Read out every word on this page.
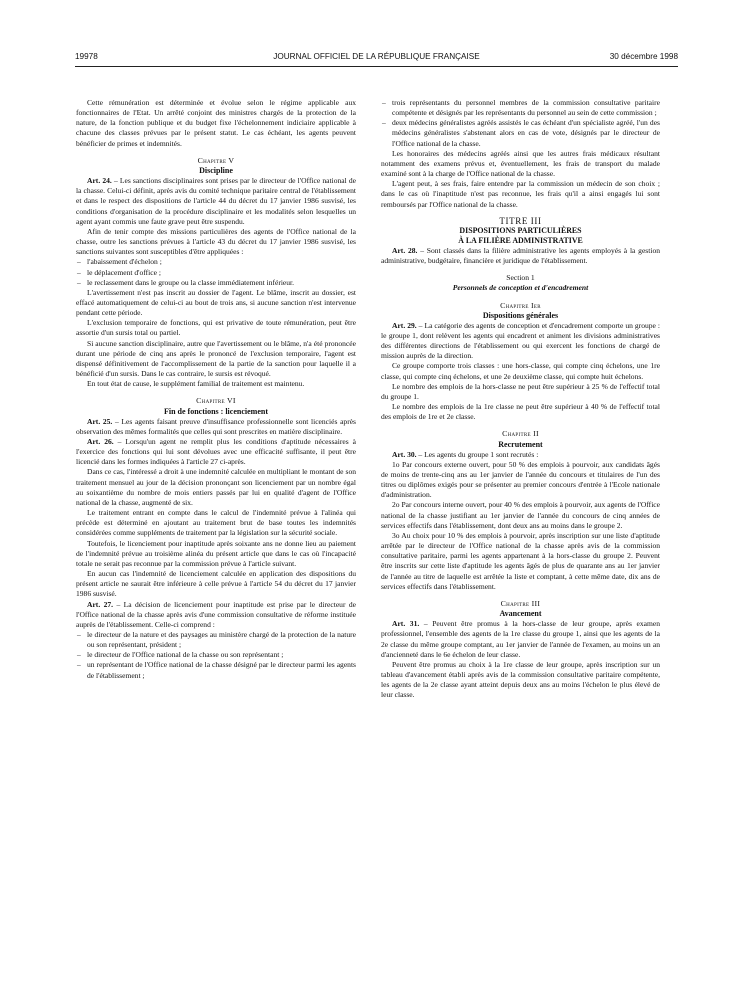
19978	JOURNAL OFFICIEL DE LA RÉPUBLIQUE FRANÇAISE	30 décembre 1998

Cette rémunération est déterminée et évolue selon le régime applicable aux fonctionnaires de l'Etat. Un arrêté conjoint des ministres chargés de la protection de la nature, de la fonction publique et du budget fixe l'échelonnement indiciaire applicable à chacune des classes prévues par le présent statut. Le cas échéant, les agents peuvent bénéficier de primes et indemnités.

Chapitre V

Discipline

Art. 24. – Les sanctions disciplinaires sont prises par le directeur de l'Office national de la chasse. Celui-ci définit, après avis du comité technique paritaire central de l'établissement et dans le respect des dispositions de l'article 44 du décret du 17 janvier 1986 susvisé, les conditions d'organisation de la procédure disciplinaire et les modalités selon lesquelles un agent ayant commis une faute grave peut être suspendu.

Afin de tenir compte des missions particulières des agents de l'Office national de la chasse, outre les sanctions prévues à l'article 43 du décret du 17 janvier 1986 susvisé, les sanctions suivantes sont susceptibles d'être appliquées :

– l'abaissement d'échelon ;
– le déplacement d'office ;
– le reclassement dans le groupe ou la classe immédiatement inférieur.

L'avertissement n'est pas inscrit au dossier de l'agent. Le blâme, inscrit au dossier, est effacé automatiquement de celui-ci au bout de trois ans, si aucune sanction n'est intervenue pendant cette période.

L'exclusion temporaire de fonctions, qui est privative de toute rémunération, peut être assortie d'un sursis total ou partiel.

Si aucune sanction disciplinaire, autre que l'avertissement ou le blâme, n'a été prononcée durant une période de cinq ans après le prononcé de l'exclusion temporaire, l'agent est dispensé définitivement de l'accomplissement de la partie de la sanction pour laquelle il a bénéficié d'un sursis. Dans le cas contraire, le sursis est révoqué.

En tout état de cause, le supplément familial de traitement est maintenu.

Chapitre VI

Fin de fonctions : licenciement

Art. 25. – Les agents faisant preuve d'insuffisance professionnelle sont licenciés après observation des mêmes formalités que celles qui sont prescrites en matière disciplinaire.

Art. 26. – Lorsqu'un agent ne remplit plus les conditions d'aptitude nécessaires à l'exercice des fonctions qui lui sont dévolues avec une efficacité suffisante, il peut être licencié dans les formes indiquées à l'article 27 ci-après.

Dans ce cas, l'intéressé a droit à une indemnité calculée en multipliant le montant de son traitement mensuel au jour de la décision prononçant son licenciement par un nombre égal au soixantième du nombre de mois entiers passés par lui en qualité d'agent de l'Office national de la chasse, augmenté de six.

Le traitement entrant en compte dans le calcul de l'indemnité prévue à l'alinéa qui précède est déterminé en ajoutant au traitement brut de base toutes les indemnités considérées comme suppléments de traitement par la législation sur la sécurité sociale.

Toutefois, le licenciement pour inaptitude après soixante ans ne donne lieu au paiement de l'indemnité prévue au troisième alinéa du présent article que dans le cas où l'incapacité totale ne serait pas reconnue par la commission prévue à l'article suivant.

En aucun cas l'indemnité de licenciement calculée en application des dispositions du présent article ne saurait être inférieure à celle prévue à l'article 54 du décret du 17 janvier 1986 susvisé.

Art. 27. – La décision de licenciement pour inaptitude est prise par le directeur de l'Office national de la chasse après avis d'une commission consultative de réforme instituée auprès de l'établissement. Celle-ci comprend :

– le directeur de la nature et des paysages au ministère chargé de la protection de la nature ou son représentant, président ;
– le directeur de l'Office national de la chasse ou son représentant ;
– un représentant de l'Office national de la chasse désigné par le directeur parmi les agents de l'établissement ;
– trois représentants du personnel membres de la commission consultative paritaire compétente et désignés par les représentants du personnel au sein de cette commission ;
– deux médecins généralistes agréés assistés le cas échéant d'un spécialiste agréé, l'un des médecins généralistes s'abstenant alors en cas de vote, désignés par le directeur de l'Office national de la chasse.

Les honoraires des médecins agréés ainsi que les autres frais médicaux résultant notamment des examens prévus et, éventuellement, les frais de transport du malade examiné sont à la charge de l'Office national de la chasse.

L'agent peut, à ses frais, faire entendre par la commission un médecin de son choix ; dans le cas où l'inaptitude n'est pas reconnue, les frais qu'il a ainsi engagés lui sont remboursés par l'Office national de la chasse.

TITRE III

DISPOSITIONS PARTICULIÈRES

À LA FILIÈRE ADMINISTRATIVE

Art. 28. – Sont classés dans la filière administrative les agents employés à la gestion administrative, budgétaire, financière et juridique de l'établissement.

Section 1

Personnels de conception et d'encadrement

Chapitre Ier

Dispositions générales

Art. 29. – La catégorie des agents de conception et d'encadrement comporte un groupe : le groupe 1, dont relèvent les agents qui encadrent et animent les divisions administratives des différentes directions de l'établissement ou qui exercent les fonctions de chargé de mission auprès de la direction.

Ce groupe comporte trois classes : une hors-classe, qui compte cinq échelons, une 1re classe, qui compte cinq échelons, et une 2e deuxième classe, qui compte huit échelons.

Le nombre des emplois de la hors-classe ne peut être supérieur à 25 % de l'effectif total du groupe 1.

Le nombre des emplois de la 1re classe ne peut être supérieur à 40 % de l'effectif total des emplois de 1re et 2e classe.

Chapitre II

Recrutement

Art. 30. – Les agents du groupe 1 sont recrutés :

1o Par concours externe ouvert, pour 50 % des emplois à pourvoir, aux candidats âgés de moins de trente-cinq ans au 1er janvier de l'année du concours et titulaires de l'un des titres ou diplômes exigés pour se présenter au premier concours d'entrée à l'Ecole nationale d'administration.

2o Par concours interne ouvert, pour 40 % des emplois à pourvoir, aux agents de l'Office national de la chasse justifiant au 1er janvier de l'année du concours de cinq années de services effectifs dans l'établissement, dont deux ans au moins dans le groupe 2.

3o Au choix pour 10 % des emplois à pourvoir, après inscription sur une liste d'aptitude arrêtée par le directeur de l'Office national de la chasse après avis de la commission consultative paritaire, parmi les agents appartenant à la hors-classe du groupe 2. Peuvent être inscrits sur cette liste d'aptitude les agents âgés de plus de quarante ans au 1er janvier de l'année au titre de laquelle est arrêtée la liste et comptant, à cette même date, dix ans de services effectifs dans l'établissement.

Chapitre III

Avancement

Art. 31. – Peuvent être promus à la hors-classe de leur groupe, après examen professionnel, l'ensemble des agents de la 1re classe du groupe 1, ainsi que les agents de la 2e classe du même groupe comptant, au 1er janvier de l'année de l'examen, au moins un an d'ancienneté dans le 6e échelon de leur classe.

Peuvent être promus au choix à la 1re classe de leur groupe, après inscription sur un tableau d'avancement établi après avis de la commission consultative paritaire compétente, les agents de la 2e classe ayant atteint depuis deux ans au moins l'échelon le plus élevé de leur classe.
